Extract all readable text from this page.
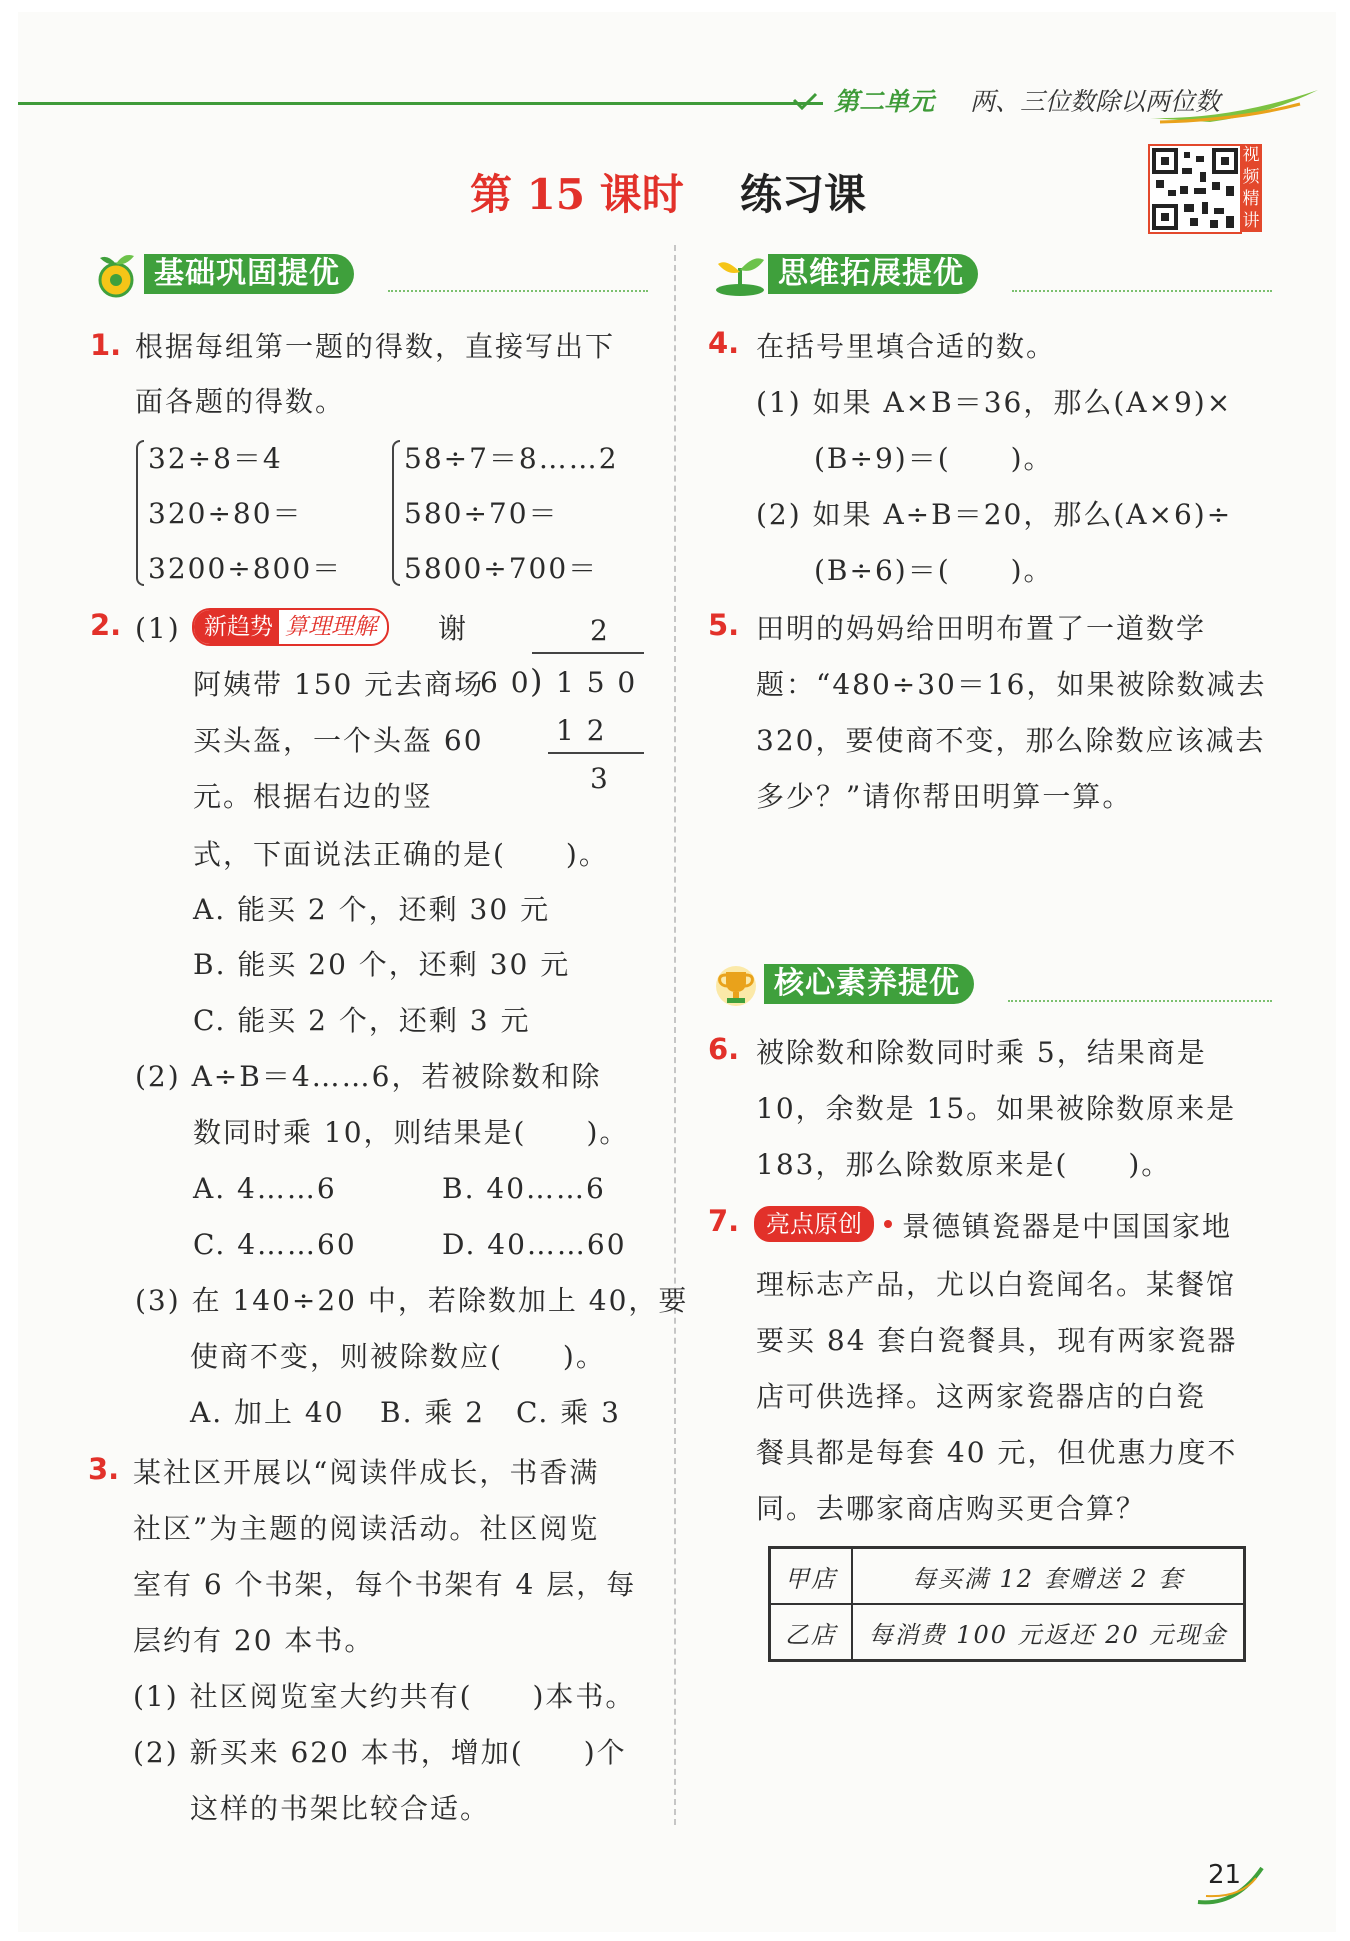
第二单元 两、三位数除以两位数
第 15 课时 练习课
视频精讲
基础巩固提优
1. 根据每组第一题的得数，直接写出下
面各题的得数。
32÷8＝4
320÷80＝
3200÷800＝
58÷7＝8……2
580÷70＝
5800÷700＝
2. (1)	新趋势 算理理解	谢
阿姨带 150 元去商场
买头盔，一个头盔 60
元。根据右边的竖
式，下面说法正确的是(　　)。
2
6 0 ) 1 5 0
1 2
3
A. 能买 2 个，还剩 30 元
B. 能买 20 个，还剩 30 元
C. 能买 2 个，还剩 3 元
(2) A÷B＝4……6，若被除数和除
数同时乘 10，则结果是(　　)。
A. 4……6	B. 40……6
C. 4……60	D. 40……60
(3) 在 140÷20 中，若除数加上 40，要
使商不变，则被除数应(　　)。
A. 加上 40 B. 乘 2 C. 乘 3
3. 某社区开展以“阅读伴成长，书香满
社区”为主题的阅读活动。社区阅览
室有 6 个书架，每个书架有 4 层，每
层约有 20 本书。
(1) 社区阅览室大约共有(　　)本书。
(2) 新买来 620 本书，增加(　　)个
这样的书架比较合适。
思维拓展提优
4. 在括号里填合适的数。
(1) 如果 A×B＝36，那么(A×9)×
(B÷9)＝(　　)。
(2) 如果 A÷B＝20，那么(A×6)÷
(B÷6)＝(　　)。
5. 田明的妈妈给田明布置了一道数学
题：“480÷30＝16，如果被除数减去
320，要使商不变，那么除数应该减去
多少？”请你帮田明算一算。
核心素养提优
6. 被除数和除数同时乘 5，结果商是
10，余数是 15。如果被除数原来是
183，那么除数原来是(　　)。
7.	亮点原创	景德镇瓷器是中国国家地
理标志产品，尤以白瓷闻名。某餐馆
要买 84 套白瓷餐具，现有两家瓷器
店可供选择。这两家瓷器店的白瓷
餐具都是每套 40 元，但优惠力度不
同。去哪家商店购买更合算？
甲店	每买满 12 套赠送 2 套
乙店	每消费 100 元返还 20 元现金
21
